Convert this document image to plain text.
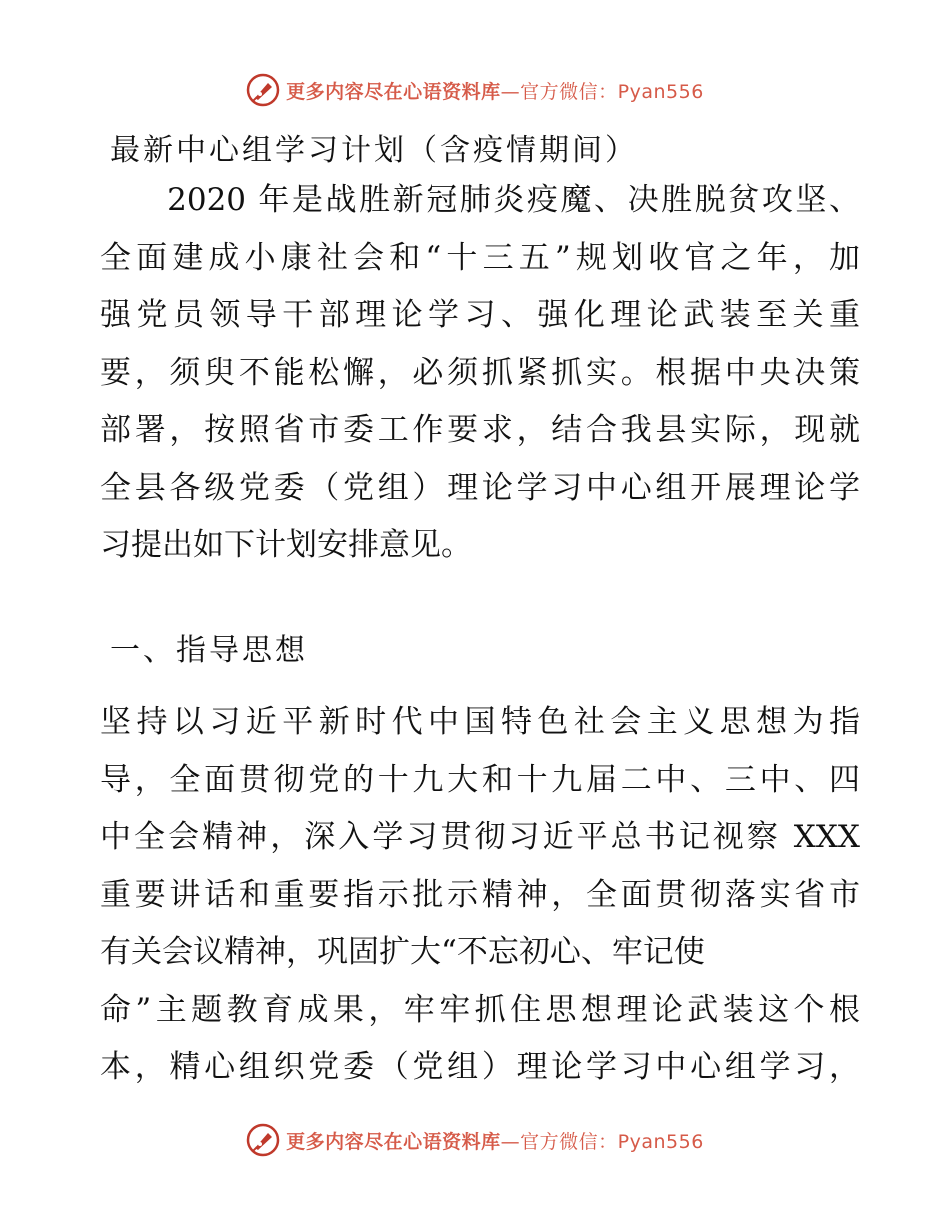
更多内容尽在心语资料库—官方微信：Pyan556
最新中心组学习计划（含疫情期间）
　　2020 年是战胜新冠肺炎疫魔、决胜脱贫攻坚、
全面建成小康社会和“十三五”规划收官之年，加
强党员领导干部理论学习、强化理论武装至关重
要，须臾不能松懈，必须抓紧抓实。根据中央决策
部署，按照省市委工作要求，结合我县实际，现就
全县各级党委（党组）理论学习中心组开展理论学
习提出如下计划安排意见。
一、指导思想
坚持以习近平新时代中国特色社会主义思想为指
导，全面贯彻党的十九大和十九届二中、三中、四
中全会精神，深入学习贯彻习近平总书记视察 XXX
重要讲话和重要指示批示精神，全面贯彻落实省市
有关会议精神，巩固扩大“不忘初心、牢记使
命”主题教育成果，牢牢抓住思想理论武装这个根
本，精心组织党委（党组）理论学习中心组学习，
更多内容尽在心语资料库—官方微信：Pyan556
